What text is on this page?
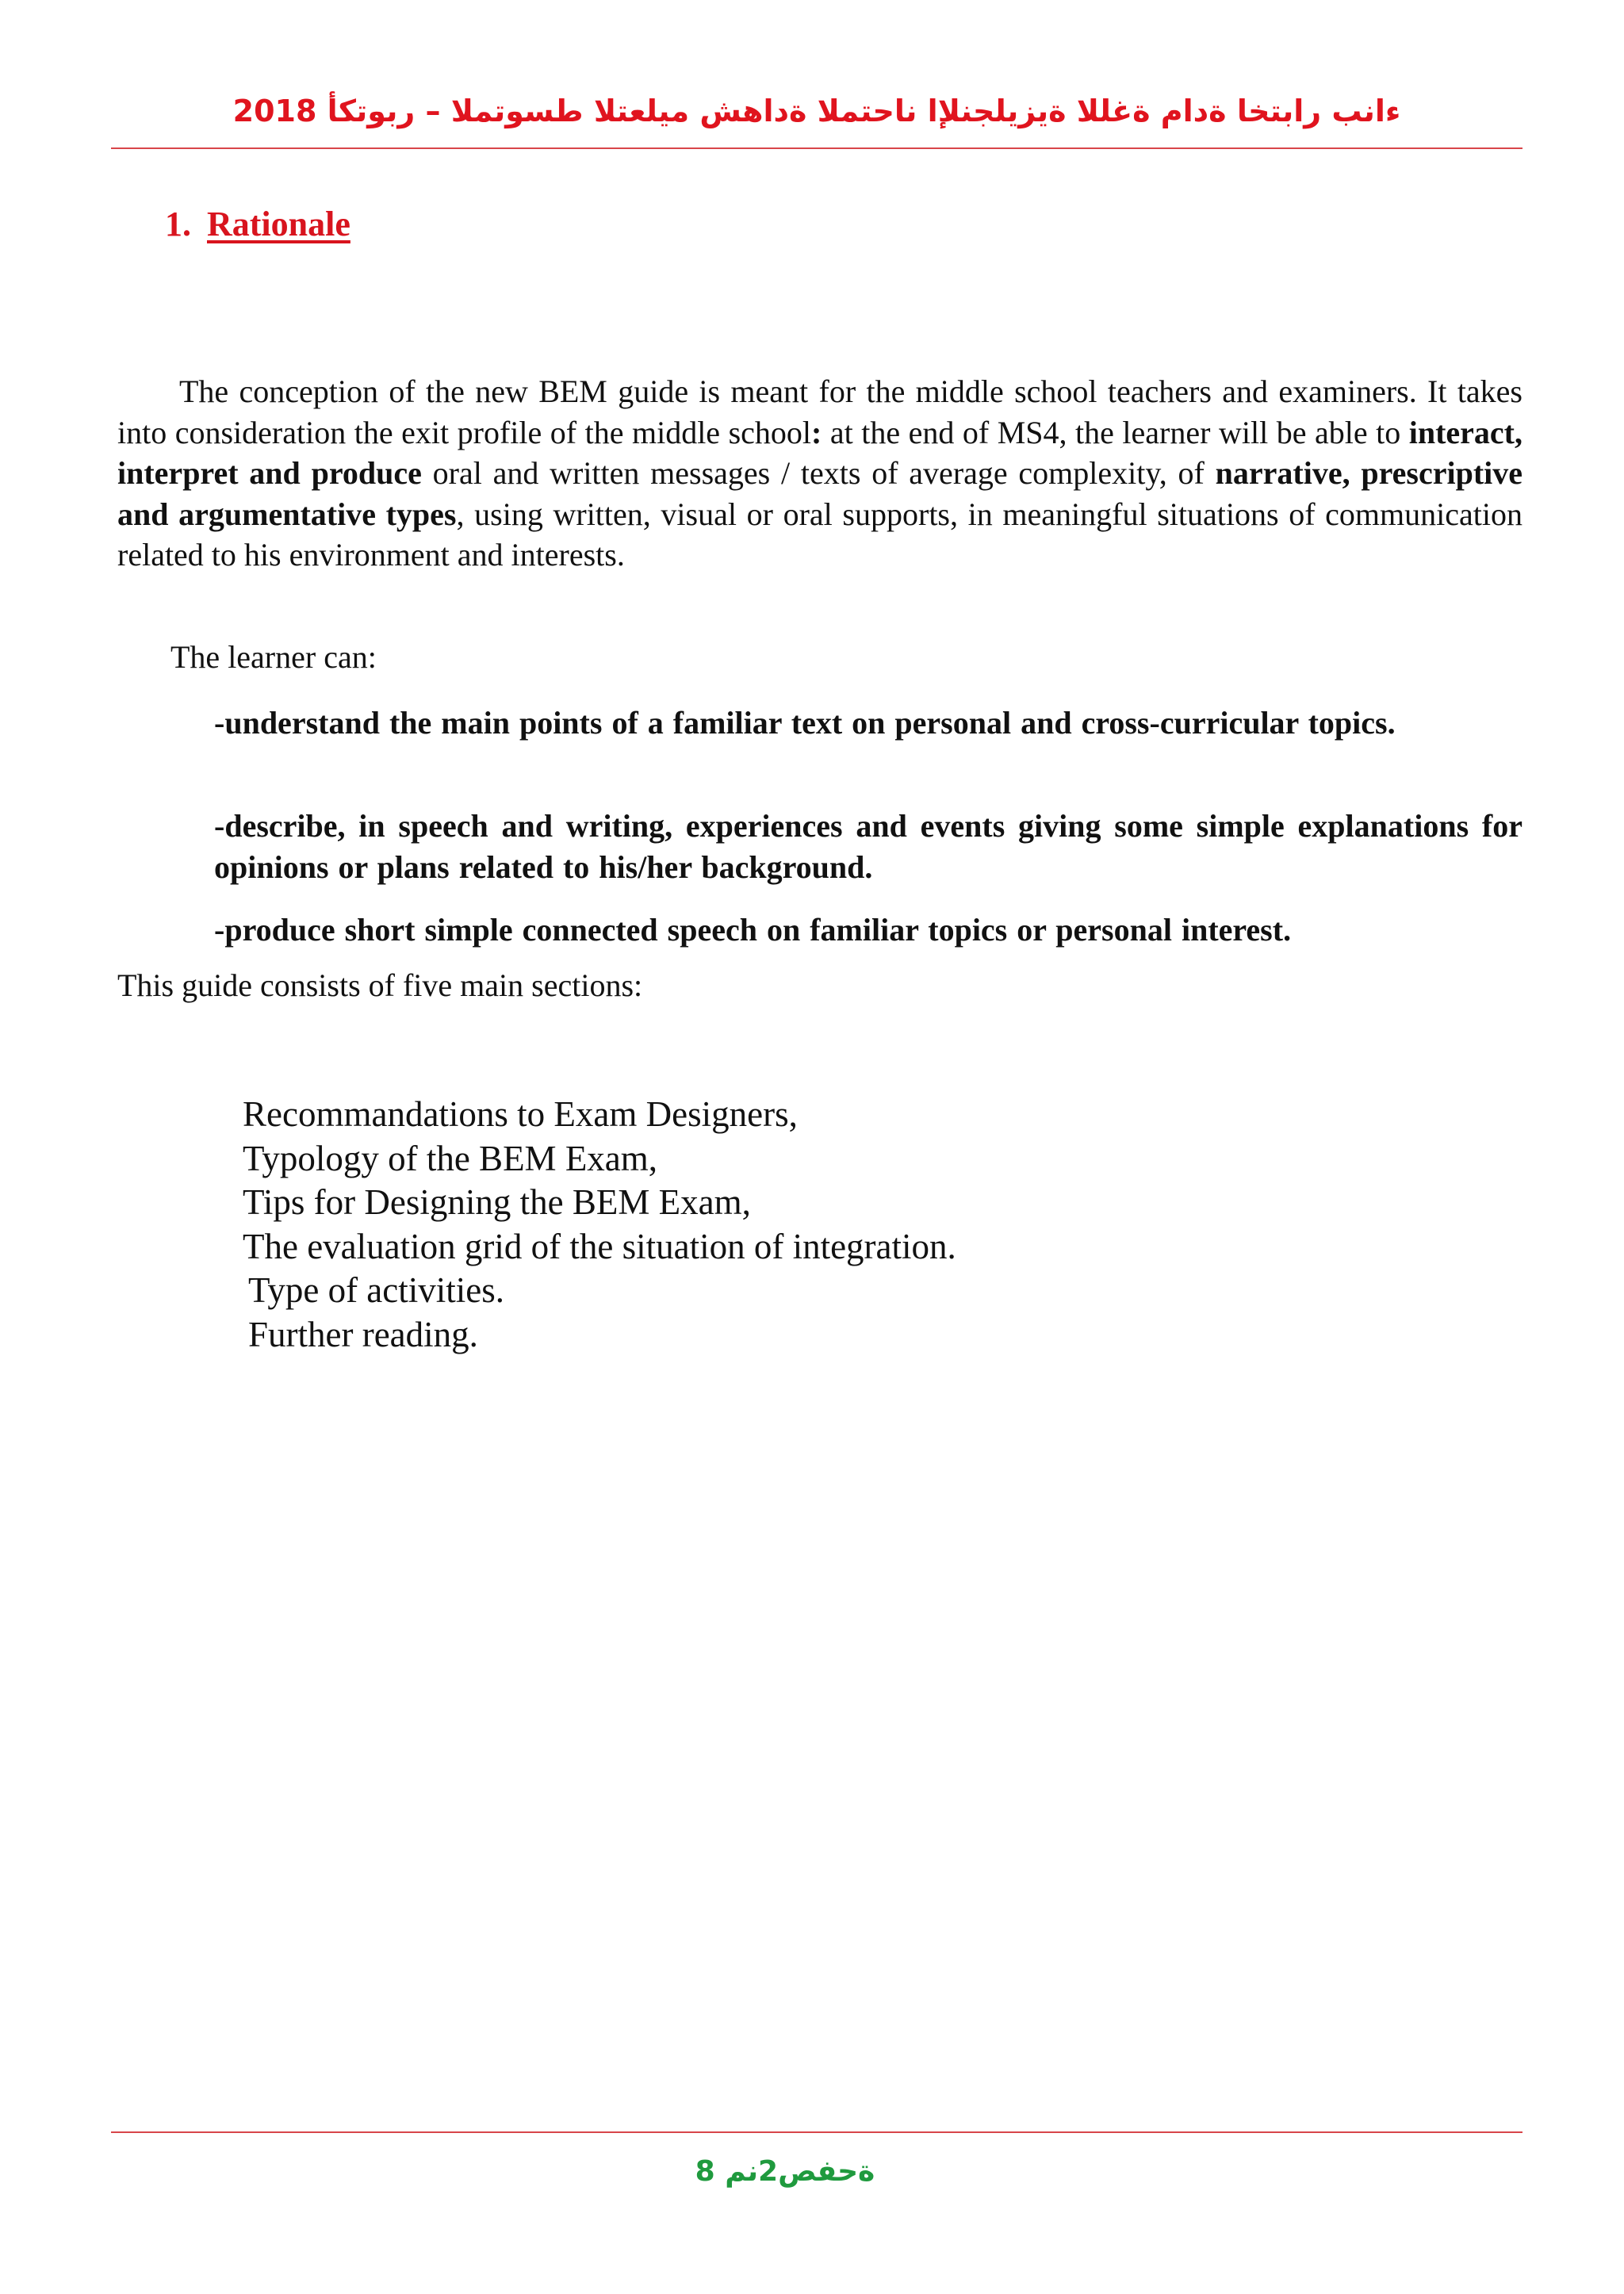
ءانب رابتخا ةدام ةغللا ةيزيلجنلإا ناحتملا ةداهش ميلعتلا طسوتملا – ربوتكأ 2018
1. Rationale

The conception of the new BEM guide is meant for the middle school teachers and examiners. It takes into consideration the exit profile of the middle school: at the end of MS4, the learner will be able to interact, interpret and produce oral and written messages / texts of average complexity, of narrative, prescriptive and argumentative types, using written, visual or oral supports, in meaningful situations of communication related to his environment and interests.

The learner can:

-understand the main points of a familiar text on personal and cross-curricular topics.

-describe, in speech and writing, experiences and events giving some simple explanations for opinions or plans related to his/her background.

-produce short simple connected speech on familiar topics or personal interest.

This guide consists of five main sections:

Recommandations to Exam Designers,
Typology of the BEM Exam,
Tips for Designing the BEM Exam,
The evaluation grid of the situation of integration.
Type of activities.
Further reading.
ةحفص2نم 8
